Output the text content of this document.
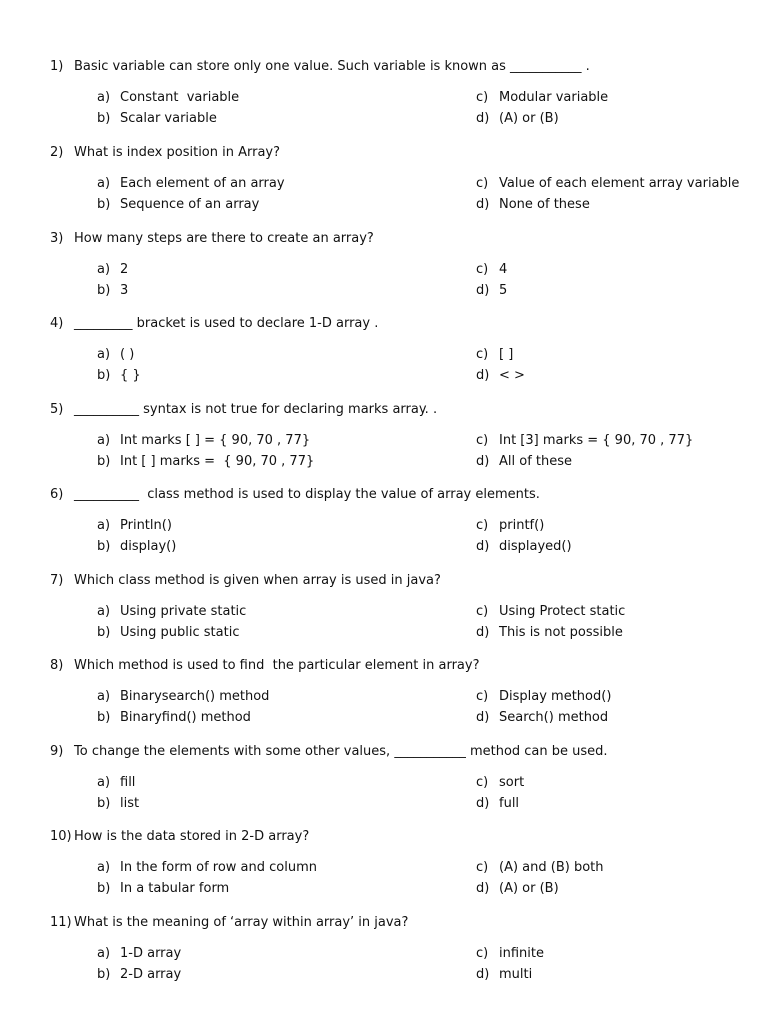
1) Basic variable can store only one value. Such variable is known as ___________ .
a) Constant  variable
b) Scalar variable
c) Modular variable
d) (A) or (B)
2) What is index position in Array?
a) Each element of an array
b) Sequence of an array
c) Value of each element array variable
d) None of these
3) How many steps are there to create an array?
a) 2
b) 3
c) 4
d) 5
4) _________ bracket is used to declare 1-D array .
a) ( )
b) { }
c) [ ]
d) < >
5) __________ syntax is not true for declaring marks array. .
a) Int marks [ ] = { 90, 70 , 77}
b) Int [ ] marks =  { 90, 70 , 77}
c) Int [3] marks = { 90, 70 , 77}
d) All of these
6) __________  class method is used to display the value of array elements.
a) Println()
b) display()
c) printf()
d) displayed()
7) Which class method is given when array is used in java?
a) Using private static
b) Using public static
c) Using Protect static
d) This is not possible
8) Which method is used to find  the particular element in array?
a) Binarysearch() method
b) Binaryfind() method
c) Display method()
d) Search() method
9) To change the elements with some other values, ___________ method can be used.
a) fill
b) list
c) sort
d) full
10) How is the data stored in 2-D array?
a) In the form of row and column
b) In a tabular form
c) (A) and (B) both
d) (A) or (B)
11) What is the meaning of ‘array within array’ in java?
a) 1-D array
b) 2-D array
c) infinite
d) multi
